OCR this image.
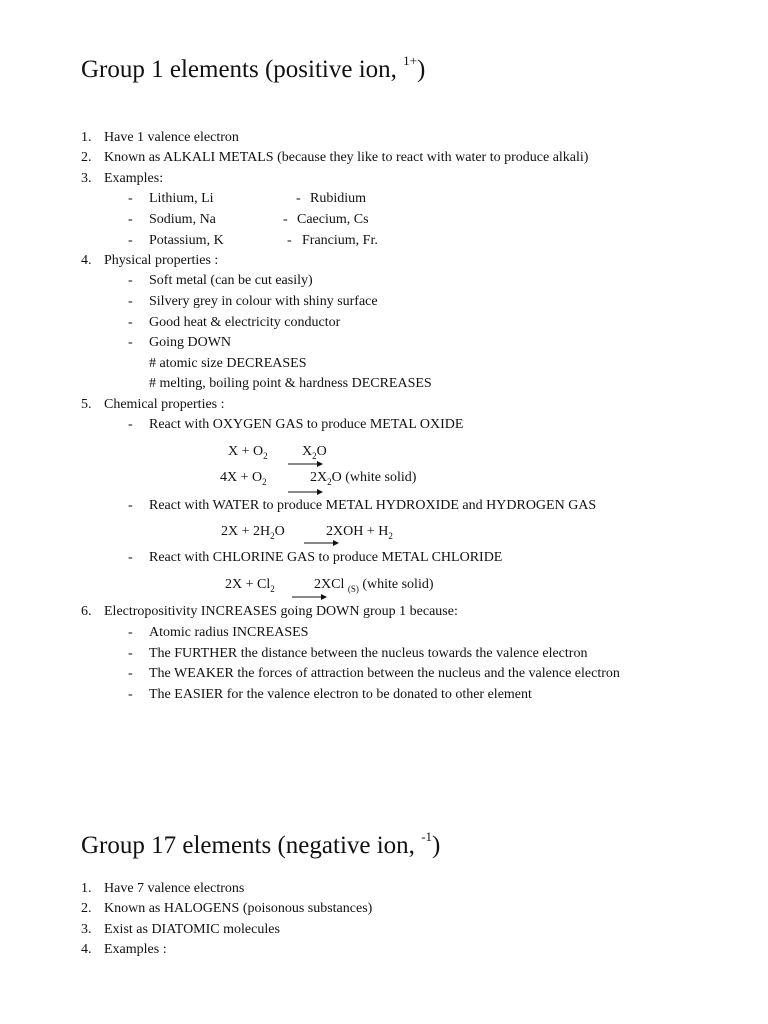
Group 1 elements (positive ion, $^{1+}$)
1. Have 1 valence electron
2. Known as ALKALI METALS (because they like to react with water to produce alkali)
3. Examples:
- Lithium, Li	- Rubidium
- Sodium, Na	- Caecium, Cs
- Potassium, K	- Francium, Fr.
4. Physical properties :
- Soft metal (can be cut easily)
- Silvery grey in colour with shiny surface
- Good heat & electricity conductor
- Going DOWN
# atomic size DECREASES
# melting, boiling point & hardness DECREASES
5. Chemical properties :
- React with OXYGEN GAS to produce METAL OXIDE
$X + O_2$ $X_2O$
$4X + O_2$	$2X_2O$ (white solid)
- React with WATER to produce METAL HYDROXIDE and HYDROGEN GAS
$2X + 2H_2O$	$2XOH + H_2$
- React with CHLORINE GAS to produce METAL CHLORIDE
$2X + Cl_2$	2XCl $_{(S)}$ (white solid)
6. Electropositivity INCREASES going DOWN group 1 because:
- Atomic radius INCREASES
- The FURTHER the distance between the nucleus towards the valence electron
- The WEAKER the forces of attraction between the nucleus and the valence electron
- The EASIER for the valence electron to be donated to other element
Group 17 elements (negative ion, $^{-1}$)
1. Have 7 valence electrons
2. Known as HALOGENS (poisonous substances)
3. Exist as DIATOMIC molecules
4. Examples :
